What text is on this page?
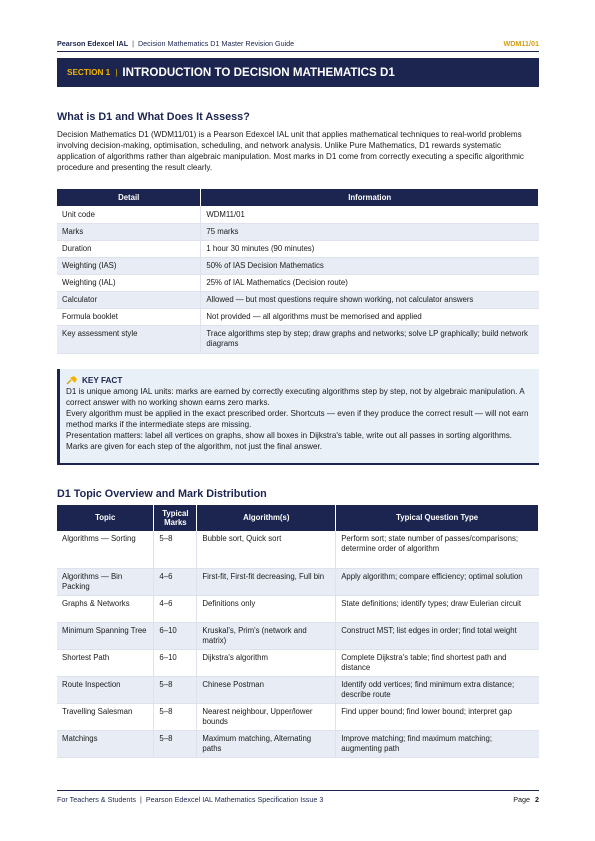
Pearson Edexcel IAL | Decision Mathematics D1 Master Revision Guide	WDM11/01
SECTION 1 | INTRODUCTION TO DECISION MATHEMATICS D1
What is D1 and What Does It Assess?

Decision Mathematics D1 (WDM11/01) is a Pearson Edexcel IAL unit that applies mathematical techniques to real-world problems involving decision-making, optimisation, scheduling, and network analysis. Unlike Pure Mathematics, D1 rewards systematic application of algorithms rather than algebraic manipulation. Most marks in D1 come from correctly executing a specific algorithmic procedure and presenting the result clearly.

Detail	Information
Unit code	WDM11/01
Marks	75 marks
Duration	1 hour 30 minutes (90 minutes)
Weighting (IAS)	50% of IAS Decision Mathematics
Weighting (IAL)	25% of IAL Mathematics (Decision route)
Calculator	Allowed — but most questions require shown working, not calculator answers
Formula booklet	Not provided — all algorithms must be memorised and applied
Key assessment style	Trace algorithms step by step; draw graphs and networks; solve LP graphically; build network diagrams
KEY FACT

D1 is unique among IAL units: marks are earned by correctly executing algorithms step by step, not by algebraic manipulation. A correct answer with no working shown earns zero marks.

Every algorithm must be applied in the exact prescribed order. Shortcuts — even if they produce the correct result — will not earn method marks if the intermediate steps are missing.

Presentation matters: label all vertices on graphs, show all boxes in Dijkstra's table, write out all passes in sorting algorithms. Marks are given for each step of the algorithm, not just the final answer.

D1 Topic Overview and Mark Distribution
Topic	Typical Marks	Algorithm(s)	Typical Question Type
Algorithms — Sorting	5–8	Bubble sort, Quick sort	Perform sort; state number of passes/comparisons; determine order of algorithm
Algorithms — Bin Packing	4–6	First-fit, First-fit decreasing, Full bin	Apply algorithm; compare efficiency; optimal solution
Graphs & Networks	4–6	Definitions only	State definitions; identify types; draw Eulerian circuit
Minimum Spanning Tree	6–10	Kruskal's, Prim's (network and matrix)	Construct MST; list edges in order; find total weight
Shortest Path	6–10	Dijkstra's algorithm	Complete Dijkstra's table; find shortest path and distance
Route Inspection	5–8	Chinese Postman	Identify odd vertices; find minimum extra distance; describe route
Travelling Salesman	5–8	Nearest neighbour, Upper/lower bounds	Find upper bound; find lower bound; interpret gap
Matchings	5–8	Maximum matching, Alternating paths	Improve matching; find maximum matching; augmenting path
For Teachers & Students | Pearson Edexcel IAL Mathematics Specification Issue 3	Page 2
